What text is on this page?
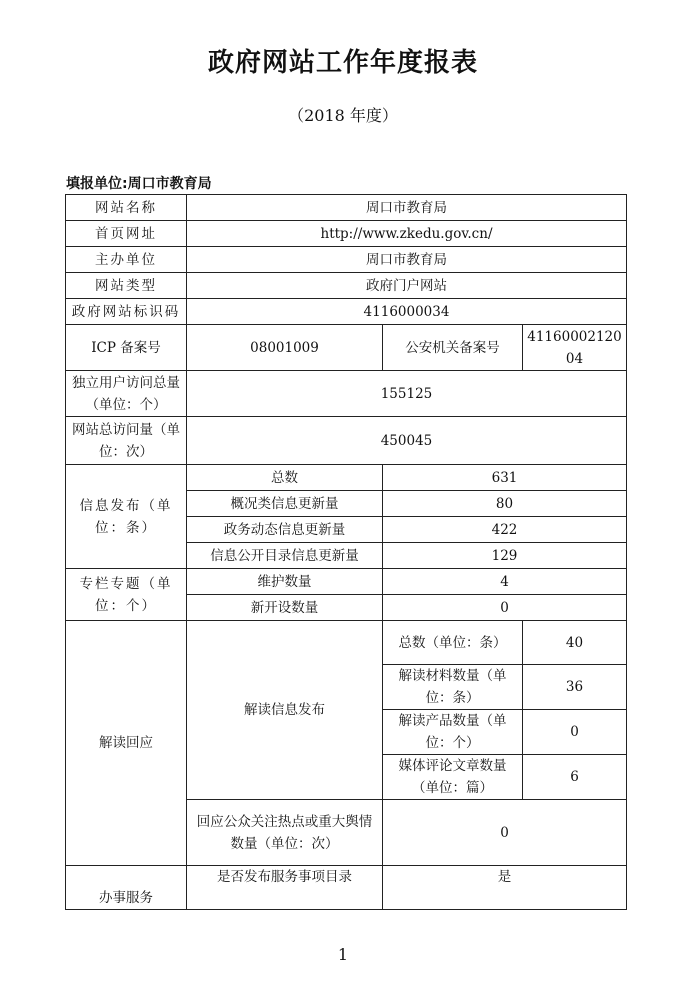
政府网站工作年度报表
（2018 年度）
填报单位:周口市教育局
网站名称	周口市教育局		
首页网址	http://www.zkedu.gov.cn/		
主办单位	周口市教育局		
网站类型	政府门户网站		
政府网站标识码	4116000034		
ICP 备案号	08001009	公安机关备案号	41160002120 04
独立用户访问总量（单位：个）	155125		
网站总访问量（单位：次）	450045		
信息发布（单位：条）	总数	631	
	概况类信息更新量	80	
	政务动态信息更新量	422	
	信息公开目录信息更新量	129	
专栏专题（单位：个）	维护数量	4	
	新开设数量	0	
解读回应	解读信息发布	总数（单位：条）	40
		解读材料数量（单位：条）	36
		解读产品数量（单位：个）	0
		媒体评论文章数量（单位：篇）	6
	回应公众关注热点或重大舆情数量（单位：次）	0	
办事服务	是否发布服务事项目录	是	
1
